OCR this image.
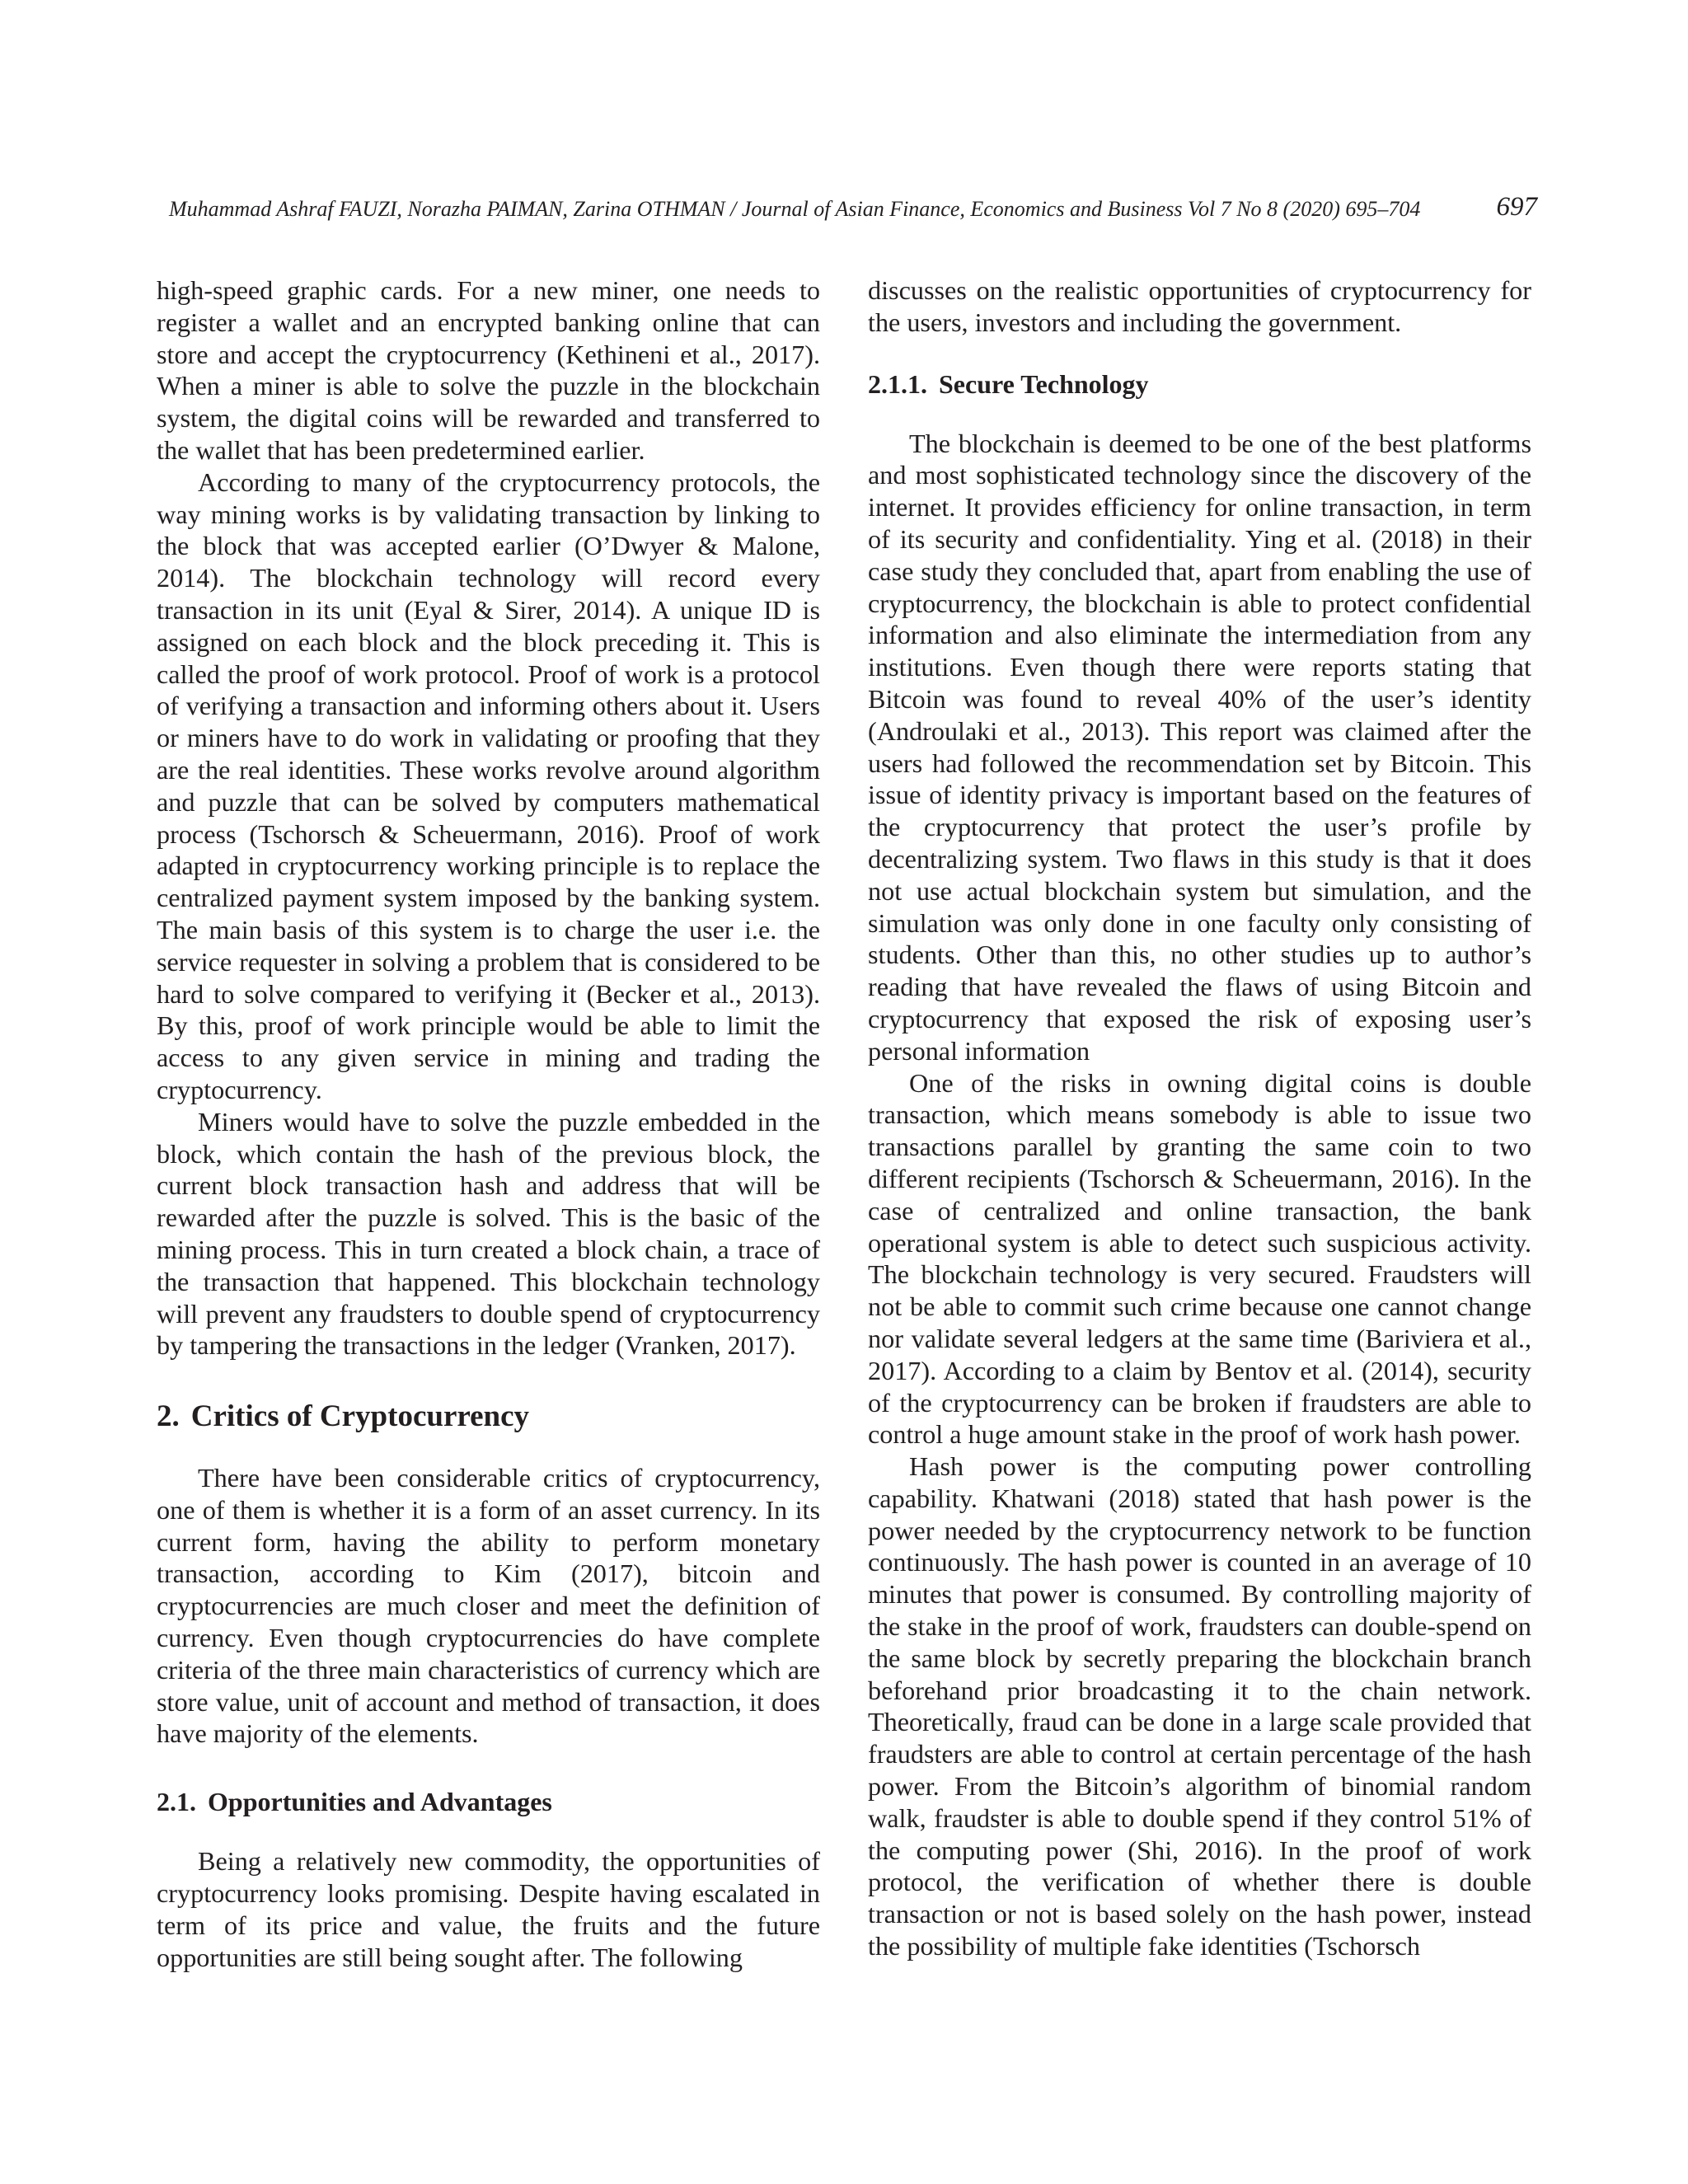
Muhammad Ashraf FAUZI, Norazha PAIMAN, Zarina OTHMAN / Journal of Asian Finance, Economics and Business Vol 7 No 8 (2020) 695–704	697

high-speed graphic cards. For a new miner, one needs to register a wallet and an encrypted banking online that can store and accept the cryptocurrency (Kethineni et al., 2017). When a miner is able to solve the puzzle in the blockchain system, the digital coins will be rewarded and transferred to the wallet that has been predetermined earlier.

According to many of the cryptocurrency protocols, the way mining works is by validating transaction by linking to the block that was accepted earlier (O’Dwyer & Malone, 2014). The blockchain technology will record every transaction in its unit (Eyal & Sirer, 2014). A unique ID is assigned on each block and the block preceding it. This is called the proof of work protocol. Proof of work is a protocol of verifying a transaction and informing others about it. Users or miners have to do work in validating or proofing that they are the real identities. These works revolve around algorithm and puzzle that can be solved by computers mathematical process (Tschorsch & Scheuermann, 2016). Proof of work adapted in cryptocurrency working principle is to replace the centralized payment system imposed by the banking system. The main basis of this system is to charge the user i.e. the service requester in solving a problem that is considered to be hard to solve compared to verifying it (Becker et al., 2013). By this, proof of work principle would be able to limit the access to any given service in mining and trading the cryptocurrency.

Miners would have to solve the puzzle embedded in the block, which contain the hash of the previous block, the current block transaction hash and address that will be rewarded after the puzzle is solved. This is the basic of the mining process. This in turn created a block chain, a trace of the transaction that happened. This blockchain technology will prevent any fraudsters to double spend of cryptocurrency by tampering the transactions in the ledger (Vranken, 2017).

2. Critics of Cryptocurrency

There have been considerable critics of cryptocurrency, one of them is whether it is a form of an asset currency. In its current form, having the ability to perform monetary transaction, according to Kim (2017), bitcoin and cryptocurrencies are much closer and meet the definition of currency. Even though cryptocurrencies do have complete criteria of the three main characteristics of currency which are store value, unit of account and method of transaction, it does have majority of the elements.

2.1. Opportunities and Advantages

Being a relatively new commodity, the opportunities of cryptocurrency looks promising. Despite having escalated in term of its price and value, the fruits and the future opportunities are still being sought after. The following

discusses on the realistic opportunities of cryptocurrency for the users, investors and including the government.

2.1.1. Secure Technology

The blockchain is deemed to be one of the best platforms and most sophisticated technology since the discovery of the internet. It provides efficiency for online transaction, in term of its security and confidentiality. Ying et al. (2018) in their case study they concluded that, apart from enabling the use of cryptocurrency, the blockchain is able to protect confidential information and also eliminate the intermediation from any institutions. Even though there were reports stating that Bitcoin was found to reveal 40% of the user’s identity (Androulaki et al., 2013). This report was claimed after the users had followed the recommendation set by Bitcoin. This issue of identity privacy is important based on the features of the cryptocurrency that protect the user’s profile by decentralizing system. Two flaws in this study is that it does not use actual blockchain system but simulation, and the simulation was only done in one faculty only consisting of students. Other than this, no other studies up to author’s reading that have revealed the flaws of using Bitcoin and cryptocurrency that exposed the risk of exposing user’s personal information

One of the risks in owning digital coins is double transaction, which means somebody is able to issue two transactions parallel by granting the same coin to two different recipients (Tschorsch & Scheuermann, 2016). In the case of centralized and online transaction, the bank operational system is able to detect such suspicious activity. The blockchain technology is very secured. Fraudsters will not be able to commit such crime because one cannot change nor validate several ledgers at the same time (Bariviera et al., 2017). According to a claim by Bentov et al. (2014), security of the cryptocurrency can be broken if fraudsters are able to control a huge amount stake in the proof of work hash power.

Hash power is the computing power controlling capability. Khatwani (2018) stated that hash power is the power needed by the cryptocurrency network to be function continuously. The hash power is counted in an average of 10 minutes that power is consumed. By controlling majority of the stake in the proof of work, fraudsters can double-spend on the same block by secretly preparing the blockchain branch beforehand prior broadcasting it to the chain network. Theoretically, fraud can be done in a large scale provided that fraudsters are able to control at certain percentage of the hash power. From the Bitcoin’s algorithm of binomial random walk, fraudster is able to double spend if they control 51% of the computing power (Shi, 2016). In the proof of work protocol, the verification of whether there is double transaction or not is based solely on the hash power, instead the possibility of multiple fake identities (Tschorsch
